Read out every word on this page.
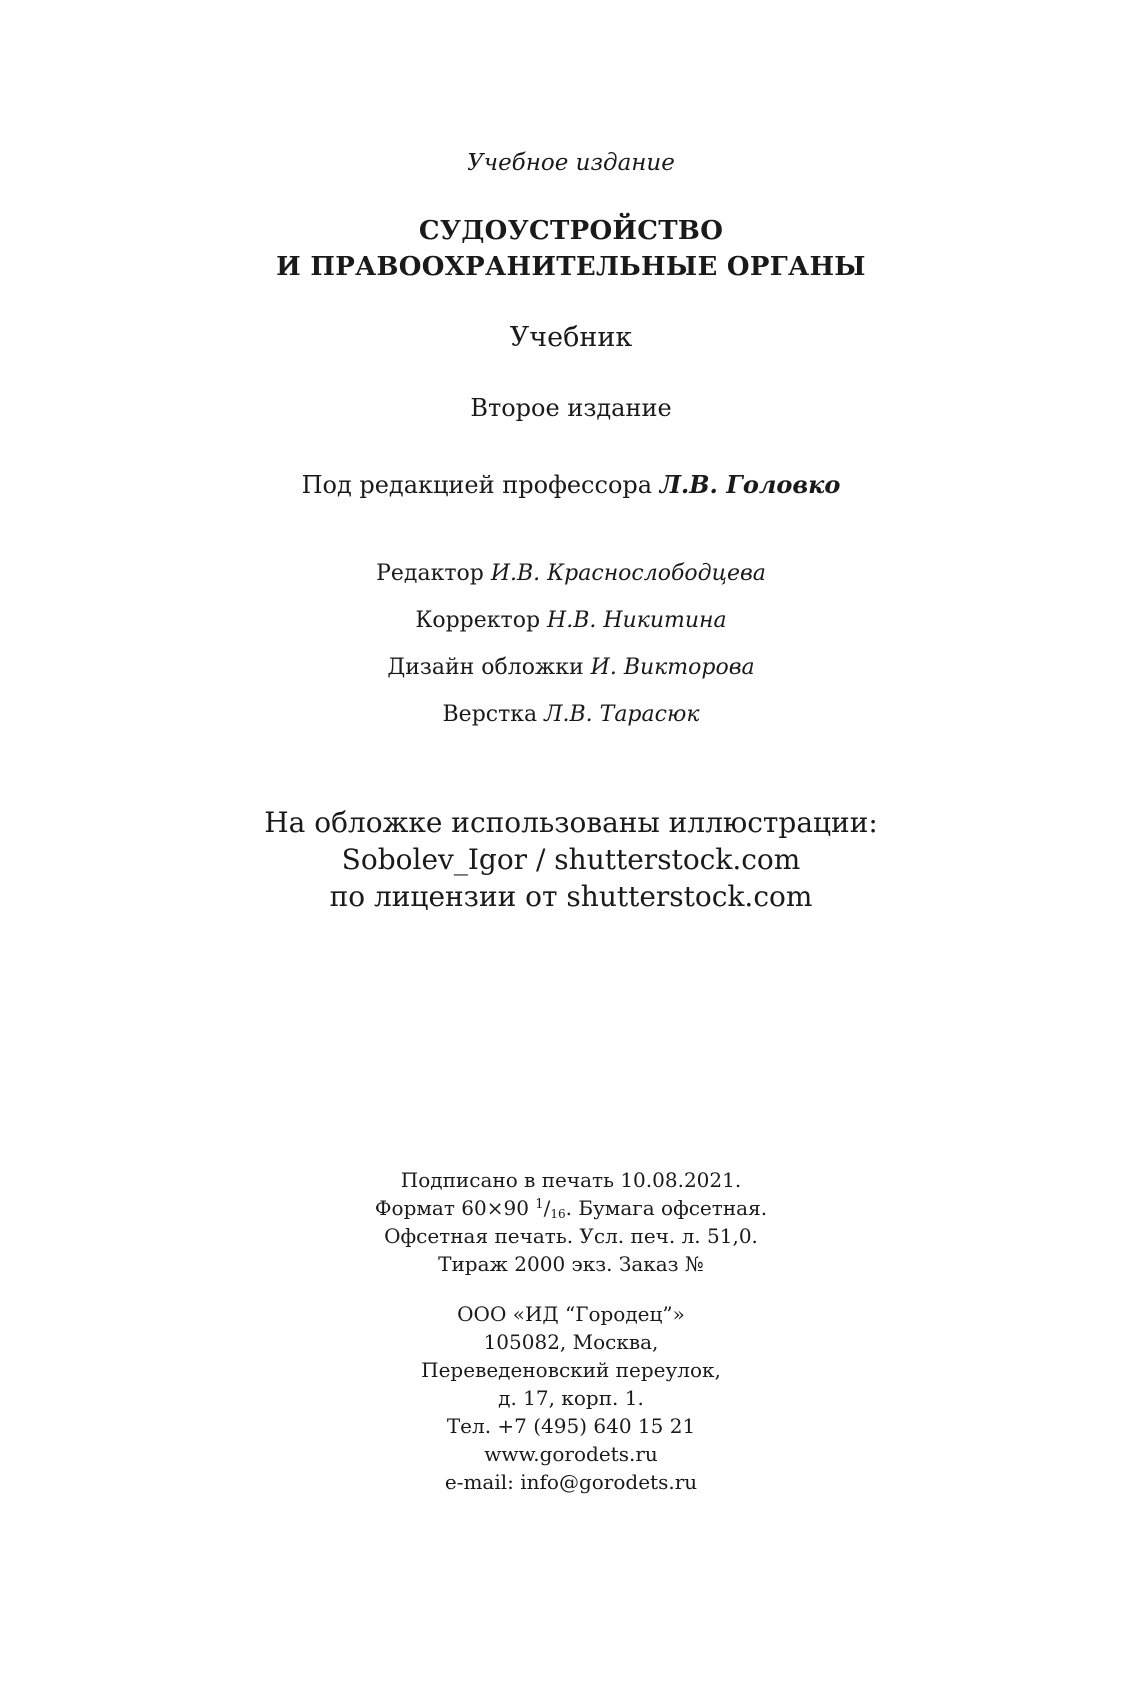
Учебное издание
СУДОУСТРОЙСТВО
И ПРАВООХРАНИТЕЛЬНЫЕ ОРГАНЫ
Учебник
Второе издание
Под редакцией профессора Л.В. Головко
Редактор И.В. Краснослободцева
Корректор Н.В. Никитина
Дизайн обложки И. Викторова
Верстка Л.В. Тарасюк
На обложке использованы иллюстрации:
Sobolev_Igor / shutterstock.com
по лицензии от shutterstock.com
Подписано в печать 10.08.2021.
Формат 60×90 $^1/_{16}$. Бумага офсетная.
Офсетная печать. Усл. печ. л. 51,0.
Тираж 2000 экз. Заказ №
ООО «ИД “Городец”»
105082, Москва,
Переведеновский переулок,
д. 17, корп. 1.
Тел. +7 (495) 640 15 21
www.gorodets.ru
e-mail: info@gorodets.ru
